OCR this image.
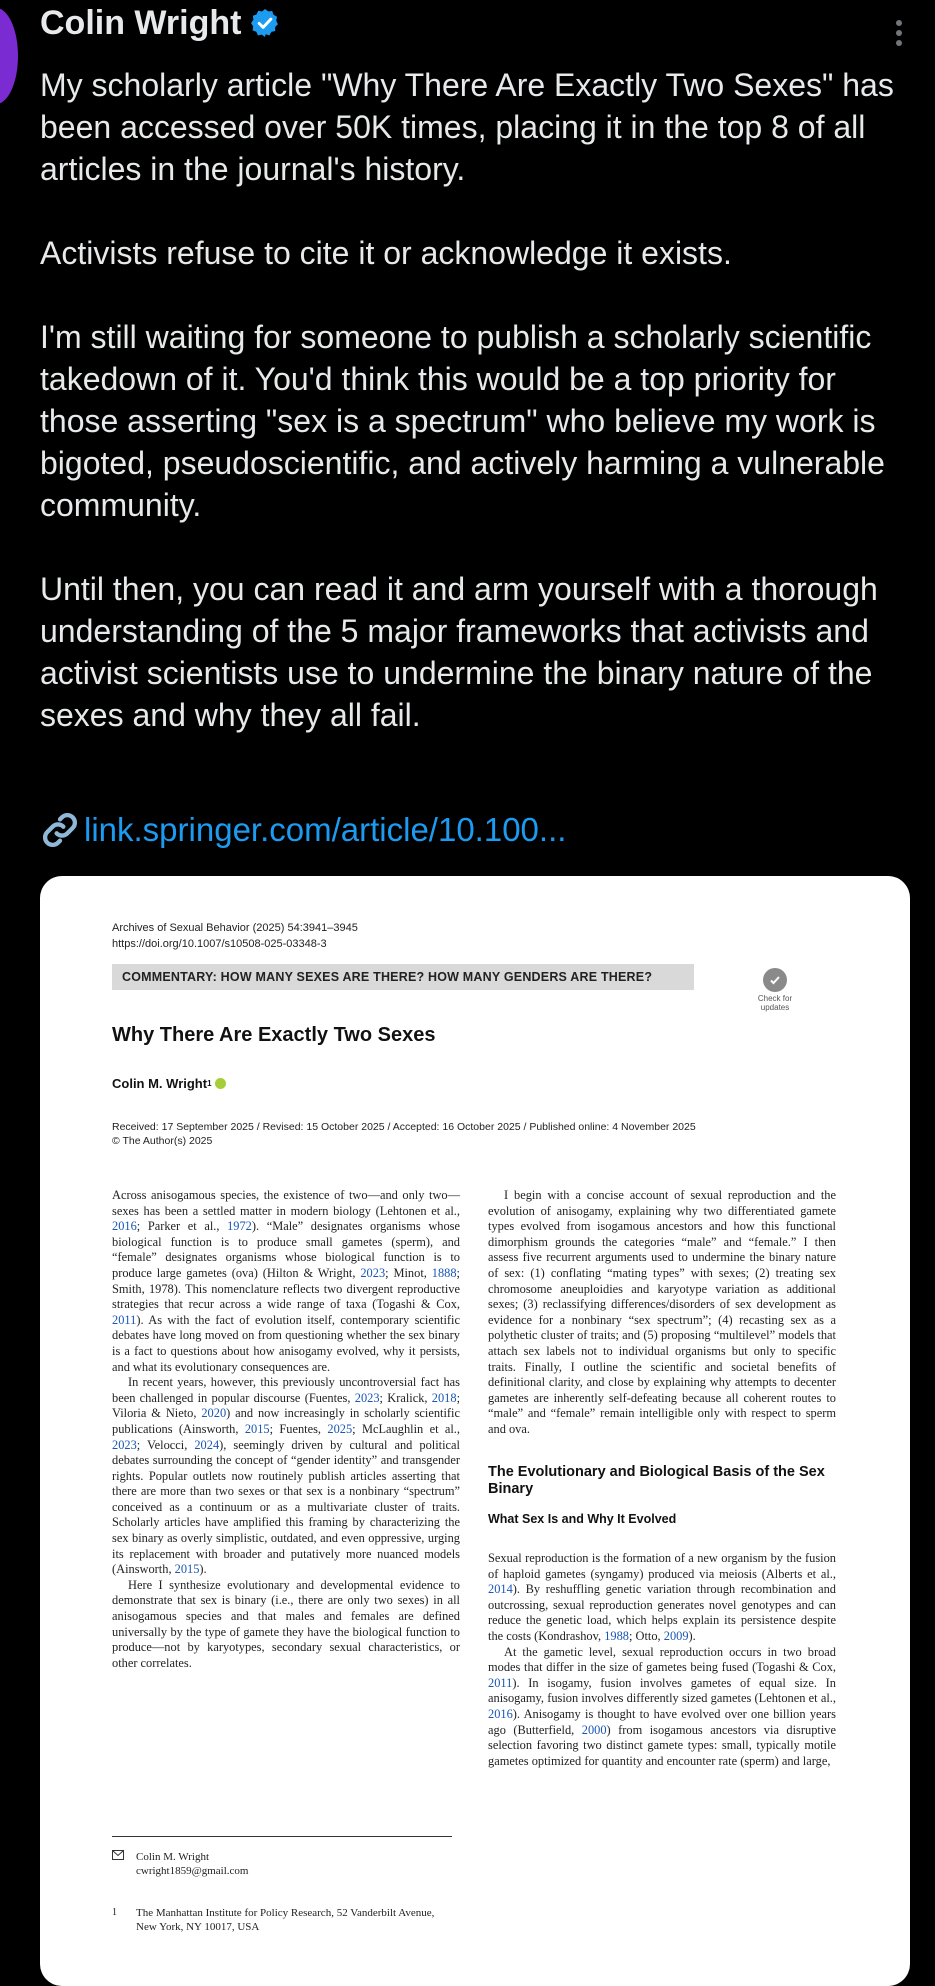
Colin Wright

My scholarly article "Why There Are Exactly Two Sexes" has been accessed over 50K times, placing it in the top 8 of all articles in the journal's history.

Activists refuse to cite it or acknowledge it exists.

I'm still waiting for someone to publish a scholarly scientific takedown of it. You'd think this would be a top priority for those asserting "sex is a spectrum" who believe my work is bigoted, pseudoscientific, and actively harming a vulnerable community.

Until then, you can read it and arm yourself with a thorough understanding of the 5 major frameworks that activists and activist scientists use to undermine the binary nature of the sexes and why they all fail.

link.springer.com/article/10.100...
Archives of Sexual Behavior (2025) 54:3941–3945
https://doi.org/10.1007/s10508-025-03348-3
COMMENTARY: HOW MANY SEXES ARE THERE? HOW MANY GENDERS ARE THERE?
Check for updates
Why There Are Exactly Two Sexes
Colin M. Wright 1
Received: 17 September 2025 / Revised: 15 October 2025 / Accepted: 16 October 2025 / Published online: 4 November 2025
© The Author(s) 2025

Across anisogamous species, the existence of two—and only two—sexes has been a settled matter in modern biology (Lehtonen et al., 2016; Parker et al., 1972). “Male” designates organisms whose biological function is to produce small gametes (sperm), and “female” designates organisms whose biological function is to produce large gametes (ova) (Hilton & Wright, 2023; Minot, 1888; Smith, 1978). This nomenclature reflects two divergent reproductive strategies that recur across a wide range of taxa (Togashi & Cox, 2011). As with the fact of evolution itself, contemporary scientific debates have long moved on from questioning whether the sex binary is a fact to questions about how anisogamy evolved, why it persists, and what its evolutionary consequences are.

In recent years, however, this previously uncontroversial fact has been challenged in popular discourse (Fuentes, 2023; Kralick, 2018; Viloria & Nieto, 2020) and now increasingly in scholarly scientific publications (Ainsworth, 2015; Fuentes, 2025; McLaughlin et al., 2023; Velocci, 2024), seemingly driven by cultural and political debates surrounding the concept of “gender identity” and transgender rights. Popular outlets now routinely publish articles asserting that there are more than two sexes or that sex is a nonbinary “spectrum” conceived as a continuum or as a multivariate cluster of traits. Scholarly articles have amplified this framing by characterizing the sex binary as overly simplistic, outdated, and even oppressive, urging its replacement with broader and putatively more nuanced models (Ainsworth, 2015).

Here I synthesize evolutionary and developmental evidence to demonstrate that sex is binary (i.e., there are only two sexes) in all anisogamous species and that males and females are defined universally by the type of gamete they have the biological function to produce—not by karyotypes, secondary sexual characteristics, or other correlates.

Colin M. Wright
cwright1859@gmail.com
1	The Manhattan Institute for Policy Research, 52 Vanderbilt Avenue, New York, NY 10017, USA

I begin with a concise account of sexual reproduction and the evolution of anisogamy, explaining why two differentiated gamete types evolved from isogamous ancestors and how this functional dimorphism grounds the categories “male” and “female.” I then assess five recurrent arguments used to undermine the binary nature of sex: (1) conflating “mating types” with sexes; (2) treating sex chromosome aneuploidies and karyotype variation as additional sexes; (3) reclassifying differences/disorders of sex development as evidence for a nonbinary “sex spectrum”; (4) recasting sex as a polythetic cluster of traits; and (5) proposing “multilevel” models that attach sex labels not to individual organisms but only to specific traits. Finally, I outline the scientific and societal benefits of definitional clarity, and close by explaining why attempts to decenter gametes are inherently self-defeating because all coherent routes to “male” and “female” remain intelligible only with respect to sperm and ova.

The Evolutionary and Biological Basis of the Sex Binary
What Sex Is and Why It Evolved

Sexual reproduction is the formation of a new organism by the fusion of haploid gametes (syngamy) produced via meiosis (Alberts et al., 2014). By reshuffling genetic variation through recombination and outcrossing, sexual reproduction generates novel genotypes and can reduce the genetic load, which helps explain its persistence despite the costs (Kondrashov, 1988; Otto, 2009).

At the gametic level, sexual reproduction occurs in two broad modes that differ in the size of gametes being fused (Togashi & Cox, 2011). In isogamy, fusion involves gametes of equal size. In anisogamy, fusion involves differently sized gametes (Lehtonen et al., 2016). Anisogamy is thought to have evolved over one billion years ago (Butterfield, 2000) from isogamous ancestors via disruptive selection favoring two distinct gamete types: small, typically motile gametes optimized for quantity and encounter rate (sperm) and large,
